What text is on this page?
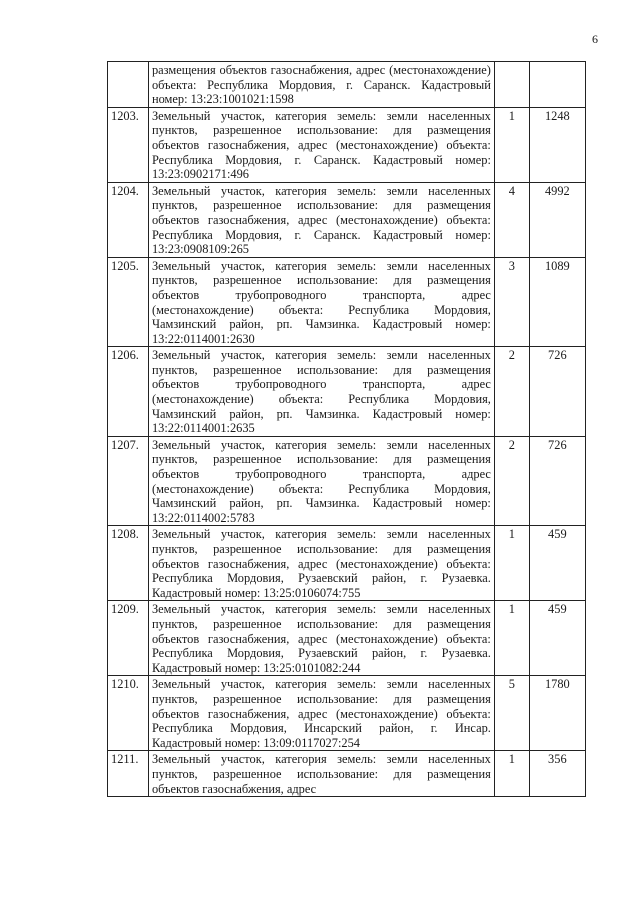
6
	размещения объектов газоснабжения, адрес (местонахождение) объекта: Республика Мордовия, г. Саранск. Кадастровый номер: 13:23:1001021:1598		
1203.	Земельный участок, категория земель: земли населенных пунктов, разрешенное использование: для размещения объектов газоснабжения, адрес (местонахождение) объекта: Республика Мордовия, г. Саранск. Кадастровый номер: 13:23:0902171:496	1	1248
1204.	Земельный участок, категория земель: земли населенных пунктов, разрешенное использование: для размещения объектов газоснабжения, адрес (местонахождение) объекта: Республика Мордовия, г. Саранск. Кадастровый номер: 13:23:0908109:265	4	4992
1205.	Земельный участок, категория земель: земли населенных пунктов, разрешенное использование: для размещения объектов трубопроводного транспорта, адрес (местонахождение) объекта: Республика Мордовия, Чамзинский район, рп. Чамзинка. Кадастровый номер: 13:22:0114001:2630	3	1089
1206.	Земельный участок, категория земель: земли населенных пунктов, разрешенное использование: для размещения объектов трубопроводного транспорта, адрес (местонахождение) объекта: Республика Мордовия, Чамзинский район, рп. Чамзинка. Кадастровый номер: 13:22:0114001:2635	2	726
1207.	Земельный участок, категория земель: земли населенных пунктов, разрешенное использование: для размещения объектов трубопроводного транспорта, адрес (местонахождение) объекта: Республика Мордовия, Чамзинский район, рп. Чамзинка. Кадастровый номер: 13:22:0114002:5783	2	726
1208.	Земельный участок, категория земель: земли населенных пунктов, разрешенное использование: для размещения объектов газоснабжения, адрес (местонахождение) объекта: Республика Мордовия, Рузаевский район, г. Рузаевка. Кадастровый номер: 13:25:0106074:755	1	459
1209.	Земельный участок, категория земель: земли населенных пунктов, разрешенное использование: для размещения объектов газоснабжения, адрес (местонахождение) объекта: Республика Мордовия, Рузаевский район, г. Рузаевка. Кадастровый номер: 13:25:0101082:244	1	459
1210.	Земельный участок, категория земель: земли населенных пунктов, разрешенное использование: для размещения объектов газоснабжения, адрес (местонахождение) объекта: Республика Мордовия, Инсарский район, г. Инсар. Кадастровый номер: 13:09:0117027:254	5	1780
1211.	Земельный участок, категория земель: земли населенных пунктов, разрешенное использование: для размещения объектов газоснабжения, адрес	1	356
